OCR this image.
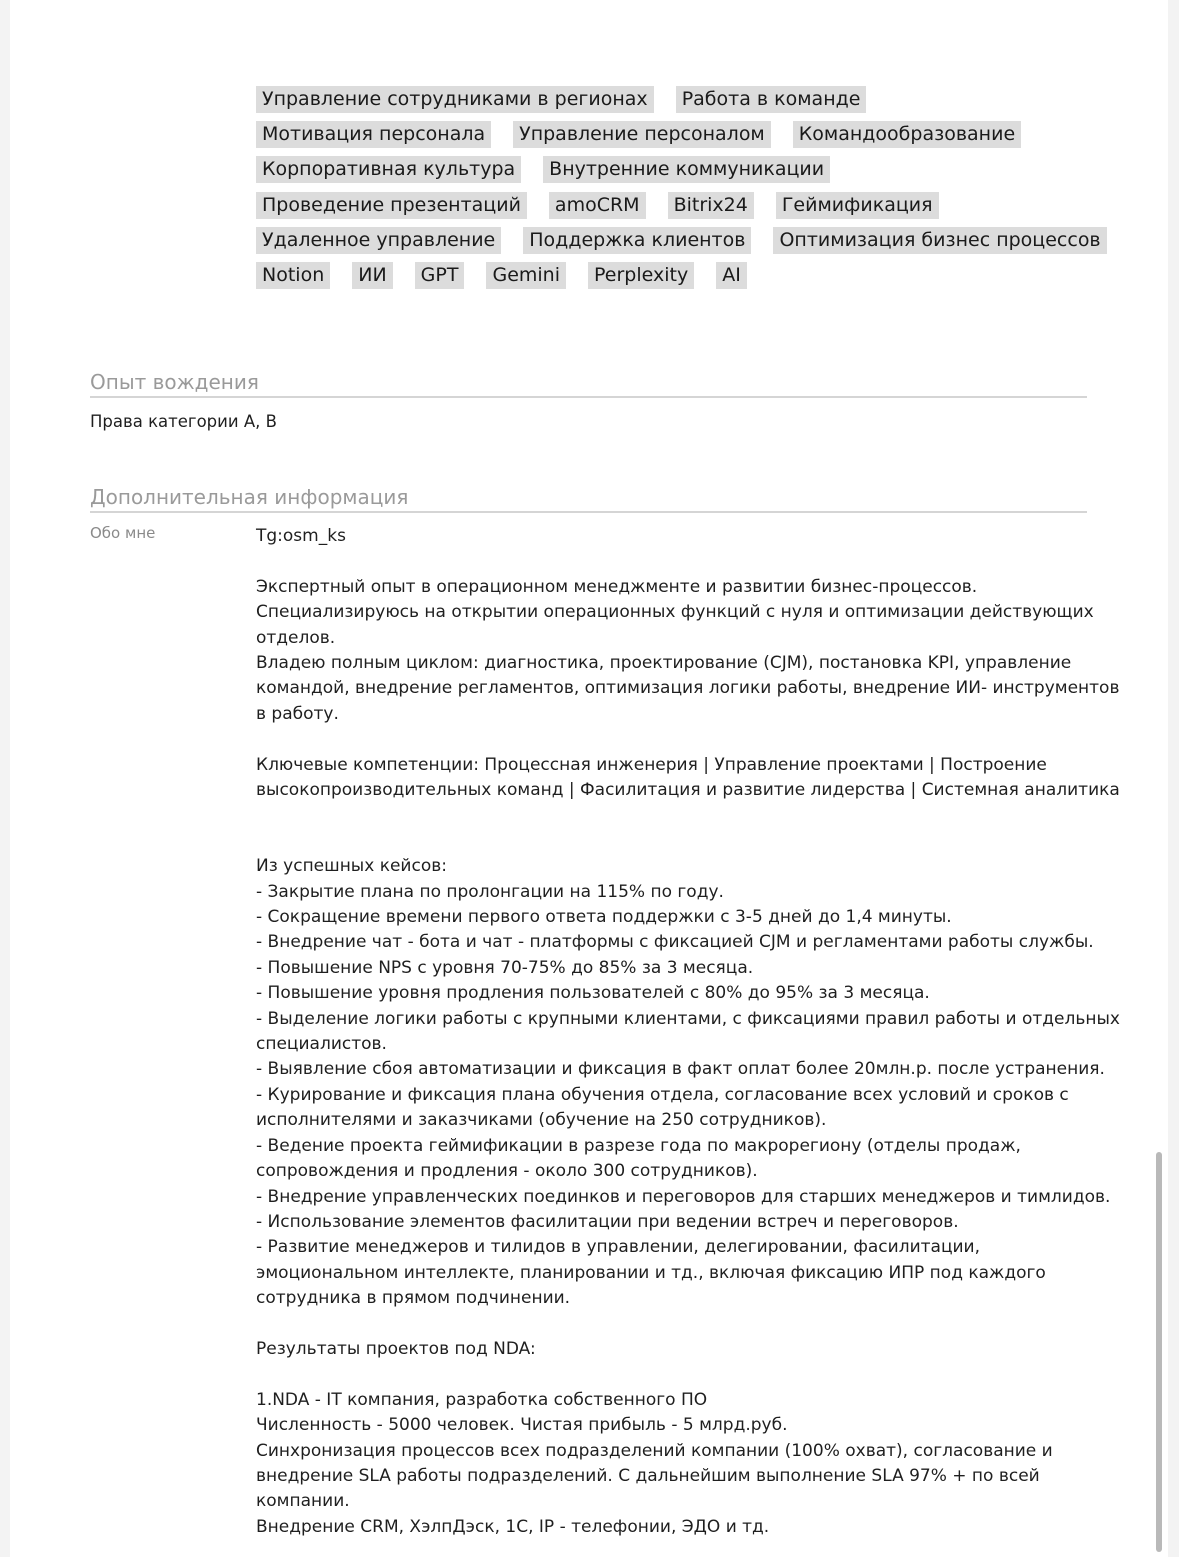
Управление сотрудниками в регионах	Работа в команде
Мотивация персонала	Управление персоналом	Командообразование
Корпоративная культура	Внутренние коммуникации
Проведение презентаций	amoCRM	Bitrix24	Геймификация
Удаленное управление	Поддержка клиентов	Оптимизация бизнес процессов
Notion	ИИ	GPT	Gemini	Perplexity	AI
Опыт вождения
Права категории A, B
Дополнительная информация
Обо мне	Tg:osm_ks
Экспертный опыт в операционном менеджменте и развитии бизнес-процессов.
Специализируюсь на открытии операционных функций с нуля и оптимизации действующих
отделов.
Владею полным циклом: диагностика, проектирование (CJM), постановка KPI, управление
командой, внедрение регламентов, оптимизация логики работы, внедрение ИИ- инструментов
в работу.
Ключевые компетенции: Процессная инженерия | Управление проектами | Построение
высокопроизводительных команд | Фасилитация и развитие лидерства | Системная аналитика
Из успешных кейсов:
- Закрытие плана по пролонгации на 115% по году.
- Сокращение времени первого ответа поддержки с 3-5 дней до 1,4 минуты.
- Внедрение чат - бота и чат - платформы с фиксацией CJM и регламентами работы службы.
- Повышение NPS с уровня 70-75% до 85% за 3 месяца.
- Повышение уровня продления пользователей с 80% до 95% за 3 месяца.
- Выделение логики работы с крупными клиентами, с фиксациями правил работы и отдельных
специалистов.
- Выявление сбоя автоматизации и фиксация в факт оплат более 20млн.р. после устранения.
- Курирование и фиксация плана обучения отдела, согласование всех условий и сроков с
исполнителями и заказчиками (обучение на 250 сотрудников).
- Ведение проекта геймификации в разрезе года по макрорегиону (отделы продаж,
сопровождения и продления - около 300 сотрудников).
- Внедрение управленческих поединков и переговоров для старших менеджеров и тимлидов.
- Использование элементов фасилитации при ведении встреч и переговоров.
- Развитие менеджеров и тилидов в управлении, делегировании, фасилитации,
эмоциональном интеллекте, планировании и тд., включая фиксацию ИПР под каждого
сотрудника в прямом подчинении.
Результаты проектов под NDA:
1.NDA - IT компания, разработка собственного ПО
Численность - 5000 человек. Чистая прибыль - 5 млрд.руб.
Синхронизация процессов всех подразделений компании (100% охват), согласование и
внедрение SLA работы подразделений. С дальнейшим выполнение SLA 97% + по всей
компании.
Внедрение CRM, ХэлпДэск, 1С, IP - телефонии, ЭДО и тд.
